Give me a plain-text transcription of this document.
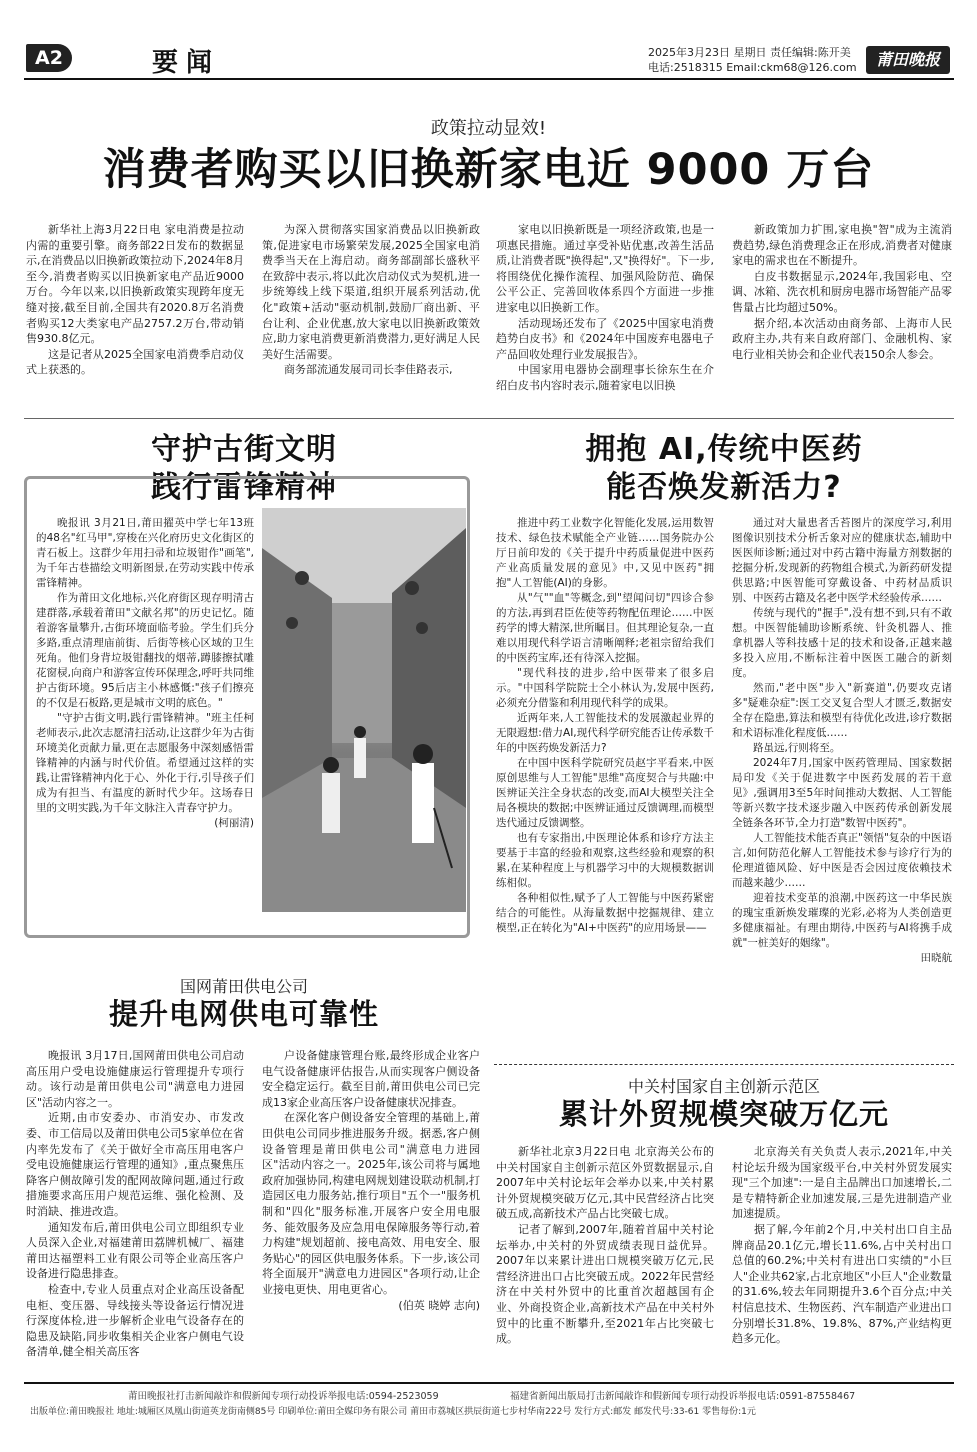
A2	要闻	2025年3月23日 星期日 责任编辑:陈开美
电话:2518315 Email:ckm68@126.com	莆田晚报
政策拉动显效!
消费者购买以旧换新家电近 9000 万台

新华社上海3月22日电 家电消费是拉动内需的重要引擎。商务部22日发布的数据显示,在消费品以旧换新政策拉动下,2024年8月至今,消费者购买以旧换新家电产品近9000万台。今年以来,以旧换新政策实现跨年度无缝对接,截至目前,全国共有2020.8万名消费者购买12大类家电产品2757.2万台,带动销售930.8亿元。

这是记者从2025全国家电消费季启动仪式上获悉的。

为深入贯彻落实国家消费品以旧换新政策,促进家电市场繁荣发展,2025全国家电消费季当天在上海启动。商务部副部长盛秋平在致辞中表示,将以此次启动仪式为契机,进一步统筹线上线下渠道,组织开展系列活动,优化"政策+活动"驱动机制,鼓励厂商出新、平台让利、企业优惠,放大家电以旧换新政策效应,助力家电消费更新消费潜力,更好满足人民美好生活需要。

商务部流通发展司司长李佳路表示,

家电以旧换新既是一项经济政策,也是一项惠民措施。通过享受补贴优惠,改善生活品质,让消费者既"换得起",又"换得好"。下一步,将围绕优化操作流程、加强风险防范、确保公平公正、完善回收体系四个方面进一步推进家电以旧换新工作。

活动现场还发布了《2025中国家电消费趋势白皮书》和《2024年中国废弃电器电子产品回收处理行业发展报告》。

中国家用电器协会副理事长徐东生在介绍白皮书内容时表示,随着家电以旧换

新政策加力扩围,家电换"智"成为主流消费趋势,绿色消费理念正在形成,消费者对健康家电的需求也在不断提升。

白皮书数据显示,2024年,我国彩电、空调、冰箱、洗衣机和厨房电器市场智能产品零售量占比均超过50%。

据介绍,本次活动由商务部、上海市人民政府主办,共有来自政府部门、金融机构、家电行业相关协会和企业代表150余人参会。

守护古街文明
践行雷锋精神

晚报讯 3月21日,莆田擢英中学七年13班的48名"红马甲",穿梭在兴化府历史文化街区的青石板上。这群少年用扫帚和垃圾钳作"画笔",为千年古巷描绘文明新图景,在劳动实践中传承雷锋精神。

作为莆田文化地标,兴化府街区现存明清古建群落,承载着莆田"文献名邦"的历史记忆。随着游客量攀升,古街环境面临考验。学生们兵分多路,重点清理庙前街、后街等核心区域的卫生死角。他们身背垃圾钳翻找的烟蒂,蹲膝擦拭雕花窗棂,向商户和游客宣传环保理念,呼吁共同维护古街环境。95后店主小林感慨:"孩子们擦亮的不仅是石板路,更是城市文明的底色。"

"守护古街文明,践行雷锋精神。"班主任柯老师表示,此次志愿清扫活动,让这群少年为古街环境美化贡献力量,更在志愿服务中深刻感悟雷锋精神的内涵与时代价值。希望通过这样的实践,让雷锋精神内化于心、外化于行,引导孩子们成为有担当、有温度的新时代少年。这场春日里的文明实践,为千年文脉注入青春守护力。

(柯丽清)

国网莆田供电公司
提升电网供电可靠性

晚报讯 3月17日,国网莆田供电公司启动高压用户受电设施健康运行管理提升专项行动。该行动是莆田供电公司"满意电力进园区"活动内容之一。

近期,由市安委办、市消安办、市发改委、市工信局以及莆田供电公司5家单位在省内率先发布了《关于做好全市高压用电客户受电设施健康运行管理的通知》,重点聚焦压降客户侧故障引发的配网故障问题,通过行政措施要求高压用户规范运维、强化检测、及时消缺、推进改造。

通知发布后,莆田供电公司立即组织专业人员深入企业,对福建莆田荔牌机械厂、福建莆田达福塑料工业有限公司等企业高压客户设备进行隐患排查。

检查中,专业人员重点对企业高压设备配电柜、变压器、导线接头等设备运行情况进行深度体检,进一步解析企业电气设备存在的隐患及缺陷,同步收集相关企业客户侧电气设备清单,健全相关高压客

户设备健康管理台账,最终形成企业客户电气设备健康评估报告,从而实现客户侧设备安全稳定运行。截至目前,莆田供电公司已完成13家企业高压客户设备健康状况排查。

在深化客户侧设备安全管理的基础上,莆田供电公司同步推进服务升级。据悉,客户侧设备管理是莆田供电公司"满意电力进园区"活动内容之一。2025年,该公司将与属地政府加强协同,构建电网规划建设联动机制,打造园区电力服务站,推行项目"五个一"服务机制和"四化"服务标准,开展客户安全用电服务、能效服务及应急用电保障服务等行动,着力构建"规划超前、接电高效、用电安全、服务贴心"的园区供电服务体系。下一步,该公司将全面展开"满意电力进园区"各项行动,让企业接电更快、用电更省心。

(伯英 晓婷 志向)

拥抱 AI,传统中医药
能否焕发新活力?

推进中药工业数字化智能化发展,运用数智技术、绿色技术赋能全产业链……国务院办公厅日前印发的《关于提升中药质量促进中医药产业高质量发展的意见》中,又见中医药"拥抱"人工智能(AI)的身影。

从"气""血"等概念,到"望闻问切"四诊合参的方法,再到君臣佐使等药物配伍理论……中医药学的博大精深,世所瞩目。但其理论复杂,一直难以用现代科学语言清晰阐释;老祖宗留给我们的中医药宝库,还有待深入挖掘。

"现代科技的进步,给中医带来了很多启示。"中国科学院院士仝小林认为,发展中医药,必须充分借鉴和利用现代科学的成果。

近两年来,人工智能技术的发展激起业界的无限遐想:借力AI,现代科学研究能否让传承数千年的中医药焕发新活力?

在中国中医科学院研究员赵宇平看来,中医原创思维与人工智能"思维"高度契合与共融:中医辨证关注全身状态的改变,而AI大模型关注全局各模块的数据;中医辨证通过反馈调理,而模型迭代通过反馈调整。

也有专家指出,中医理论体系和诊疗方法主要基于丰富的经验和观察,这些经验和观察的积累,在某种程度上与机器学习中的大规模数据训练相似。

各种相似性,赋予了人工智能与中医药紧密结合的可能性。从海量数据中挖掘规律、建立模型,正在转化为"AI+中医药"的应用场景——

通过对大量患者舌苔图片的深度学习,利用图像识别技术分析舌象对应的健康状态,辅助中医医师诊断;通过对中药古籍中海量方剂数据的挖掘分析,发现新的药物组合模式,为新药研发提供思路;中医智能可穿戴设备、中药材品质识别、中医药古籍及名老中医学术经验传承……

传统与现代的"握手",没有想不到,只有不敢想。中医智能辅助诊断系统、针灸机器人、推拿机器人等科技感十足的技术和设备,正越来越多投入应用,不断标注着中医医工融合的新刻度。

然而,"老中医"步入"新赛道",仍要攻克诸多"疑难杂症":医工交叉复合型人才匮乏,数据安全存在隐患,算法和模型有待优化改进,诊疗数据和术语标准化程度低……

路虽远,行则将至。

2024年7月,国家中医药管理局、国家数据局印发《关于促进数字中医药发展的若干意见》,强调用3至5年时间推动大数据、人工智能等新兴数字技术逐步融入中医药传承创新发展全链条各环节,全力打造"数智中医药"。

人工智能技术能否真正"领悟"复杂的中医语言,如何防范化解人工智能技术参与诊疗行为的伦理道德风险、好中医是否会因过度依赖技术而越来越少……

迎着技术变革的浪潮,中医药这一中华民族的瑰宝重新焕发璀璨的光彩,必将为人类创造更多健康福祉。有理由期待,中医药与AI将携手成就"一桩美好的姻缘"。

田晓航

中关村国家自主创新示范区
累计外贸规模突破万亿元

新华社北京3月22日电 北京海关公布的中关村国家自主创新示范区外贸数据显示,自2007年中关村论坛年会举办以来,中关村累计外贸规模突破万亿元,其中民营经济占比突破五成,高新技术产品占比突破七成。

记者了解到,2007年,随着首届中关村论坛举办,中关村的外贸成绩表现日益优异。2007年以来累计进出口规模突破万亿元,民营经济进出口占比突破五成。2022年民营经济在中关村外贸中的比重首次超越国有企业、外商投资企业,高新技术产品在中关村外贸中的比重不断攀升,至2021年占比突破七成。

北京海关有关负责人表示,2021年,中关村论坛升级为国家级平台,中关村外贸发展实现"三个加速":一是自主品牌出口加速增长,二是专精特新企业加速发展,三是先进制造产业加速提质。

据了解,今年前2个月,中关村出口自主品牌商品20.1亿元,增长11.6%,占中关村出口总值的60.2%;中关村有进出口实绩的"小巨人"企业共62家,占北京地区"小巨人"企业数量的31.6%,较去年同期提升3.6个百分点;中关村信息技术、生物医药、汽车制造产业进出口分别增长31.8%、19.8%、87%,产业结构更趋多元化。

莆田晚报社打击新闻敲诈和假新闻专项行动投诉举报电话:0594-2523059	福建省新闻出版局打击新闻敲诈和假新闻专项行动投诉举报电话:0591-87558467
出版单位:莆田晚报社 地址:城厢区凤凰山街道英龙街南侧85号 印刷单位:莆田全媒印务有限公司 莆田市荔城区拱辰街道七步村华南222号 发行方式:邮发 邮发代号:33-61 零售每份:1元
